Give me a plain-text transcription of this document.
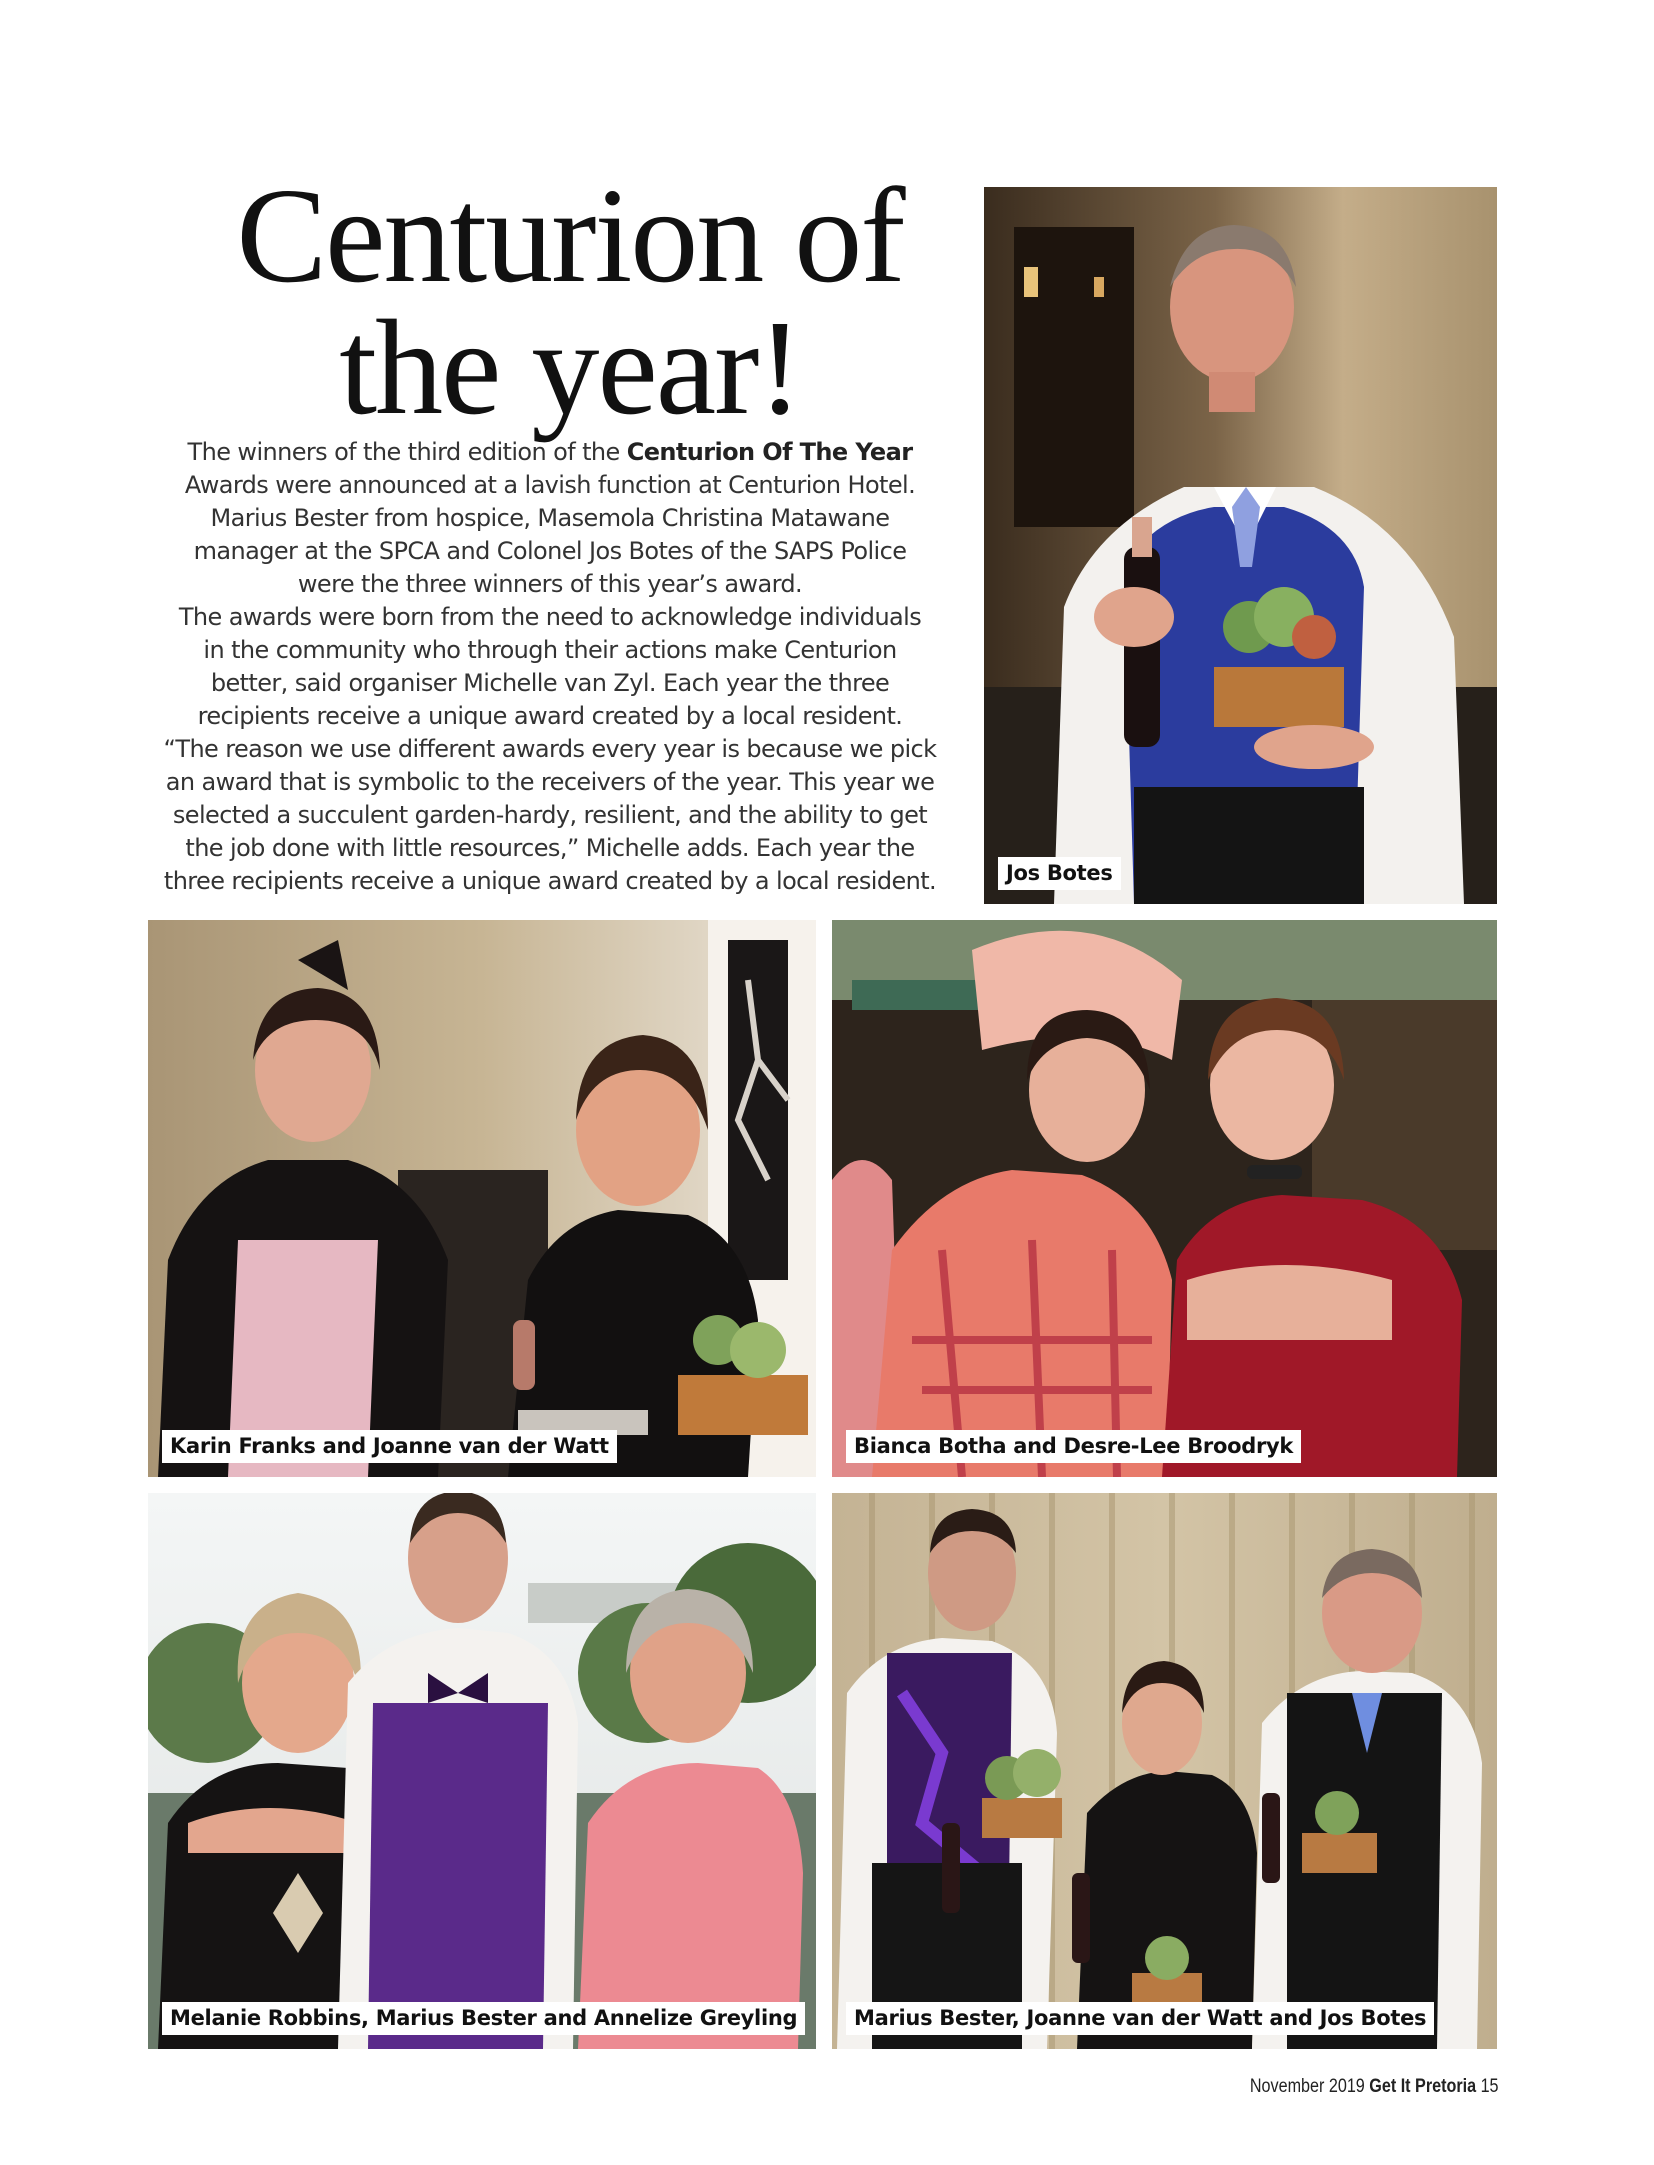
Centurion of
the year!
The winners of the third edition of the Centurion Of The Year
Awards were announced at a lavish function at Centurion Hotel.
Marius Bester from hospice, Masemola Christina Matawane
manager at the SPCA and Colonel Jos Botes of the SAPS Police
were the three winners of this year’s award.
The awards were born from the need to acknowledge individuals
in the community who through their actions make Centurion
better, said organiser Michelle van Zyl. Each year the three
recipients receive a unique award created by a local resident.
“The reason we use different awards every year is because we pick
an award that is symbolic to the receivers of the year. This year we
selected a succulent garden-hardy, resilient, and the ability to get
the job done with little resources,” Michelle adds. Each year the
three recipients receive a unique award created by a local resident.	Jos Botes
Karin Franks and Joanne van der Watt	Bianca Botha and Desre-Lee Broodryk
Melanie Robbins, Marius Bester and Annelize Greyling	Marius Bester, Joanne van der Watt and Jos Botes
November 2019 Get It Pretoria 15
